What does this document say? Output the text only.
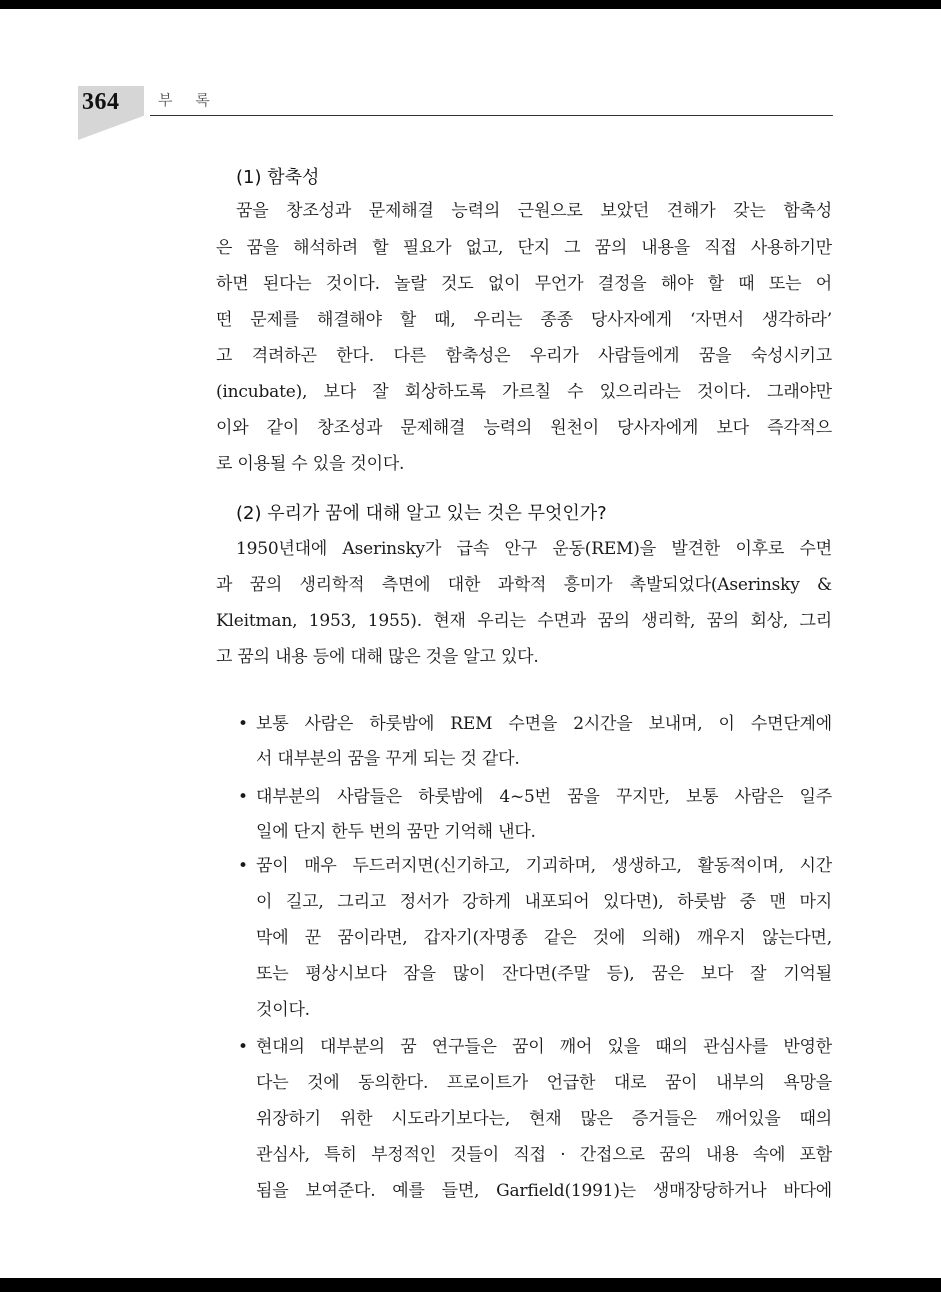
364	부 록
(1) 함축성
꿈을 창조성과 문제해결 능력의 근원으로 보았던 견해가 갖는 함축성
은 꿈을 해석하려 할 필요가 없고, 단지 그 꿈의 내용을 직접 사용하기만
하면 된다는 것이다. 놀랄 것도 없이 무언가 결정을 해야 할 때 또는 어
떤 문제를 해결해야 할 때, 우리는 종종 당사자에게 ‘자면서 생각하라’
고 격려하곤 한다. 다른 함축성은 우리가 사람들에게 꿈을 숙성시키고
(incubate), 보다 잘 회상하도록 가르칠 수 있으리라는 것이다. 그래야만
이와 같이 창조성과 문제해결 능력의 원천이 당사자에게 보다 즉각적으
로 이용될 수 있을 것이다.
(2) 우리가 꿈에 대해 알고 있는 것은 무엇인가?
1950년대에 Aserinsky가 급속 안구 운동(REM)을 발견한 이후로 수면
과 꿈의 생리학적 측면에 대한 과학적 흥미가 촉발되었다(Aserinsky &
Kleitman, 1953, 1955). 현재 우리는 수면과 꿈의 생리학, 꿈의 회상, 그리
고 꿈의 내용 등에 대해 많은 것을 알고 있다.
• 보통 사람은 하룻밤에 REM 수면을 2시간을 보내며, 이 수면단계에
서 대부분의 꿈을 꾸게 되는 것 같다.
• 대부분의 사람들은 하룻밤에 4~5번 꿈을 꾸지만, 보통 사람은 일주
일에 단지 한두 번의 꿈만 기억해 낸다.
• 꿈이 매우 두드러지면(신기하고, 기괴하며, 생생하고, 활동적이며, 시간
이 길고, 그리고 정서가 강하게 내포되어 있다면), 하룻밤 중 맨 마지
막에 꾼 꿈이라면, 갑자기(자명종 같은 것에 의해) 깨우지 않는다면,
또는 평상시보다 잠을 많이 잔다면(주말 등), 꿈은 보다 잘 기억될
것이다.
• 현대의 대부분의 꿈 연구들은 꿈이 깨어 있을 때의 관심사를 반영한
다는 것에 동의한다. 프로이트가 언급한 대로 꿈이 내부의 욕망을
위장하기 위한 시도라기보다는, 현재 많은 증거들은 깨어있을 때의
관심사, 특히 부정적인 것들이 직접 · 간접으로 꿈의 내용 속에 포함
됨을 보여준다. 예를 들면, Garfield(1991)는 생매장당하거나 바다에
